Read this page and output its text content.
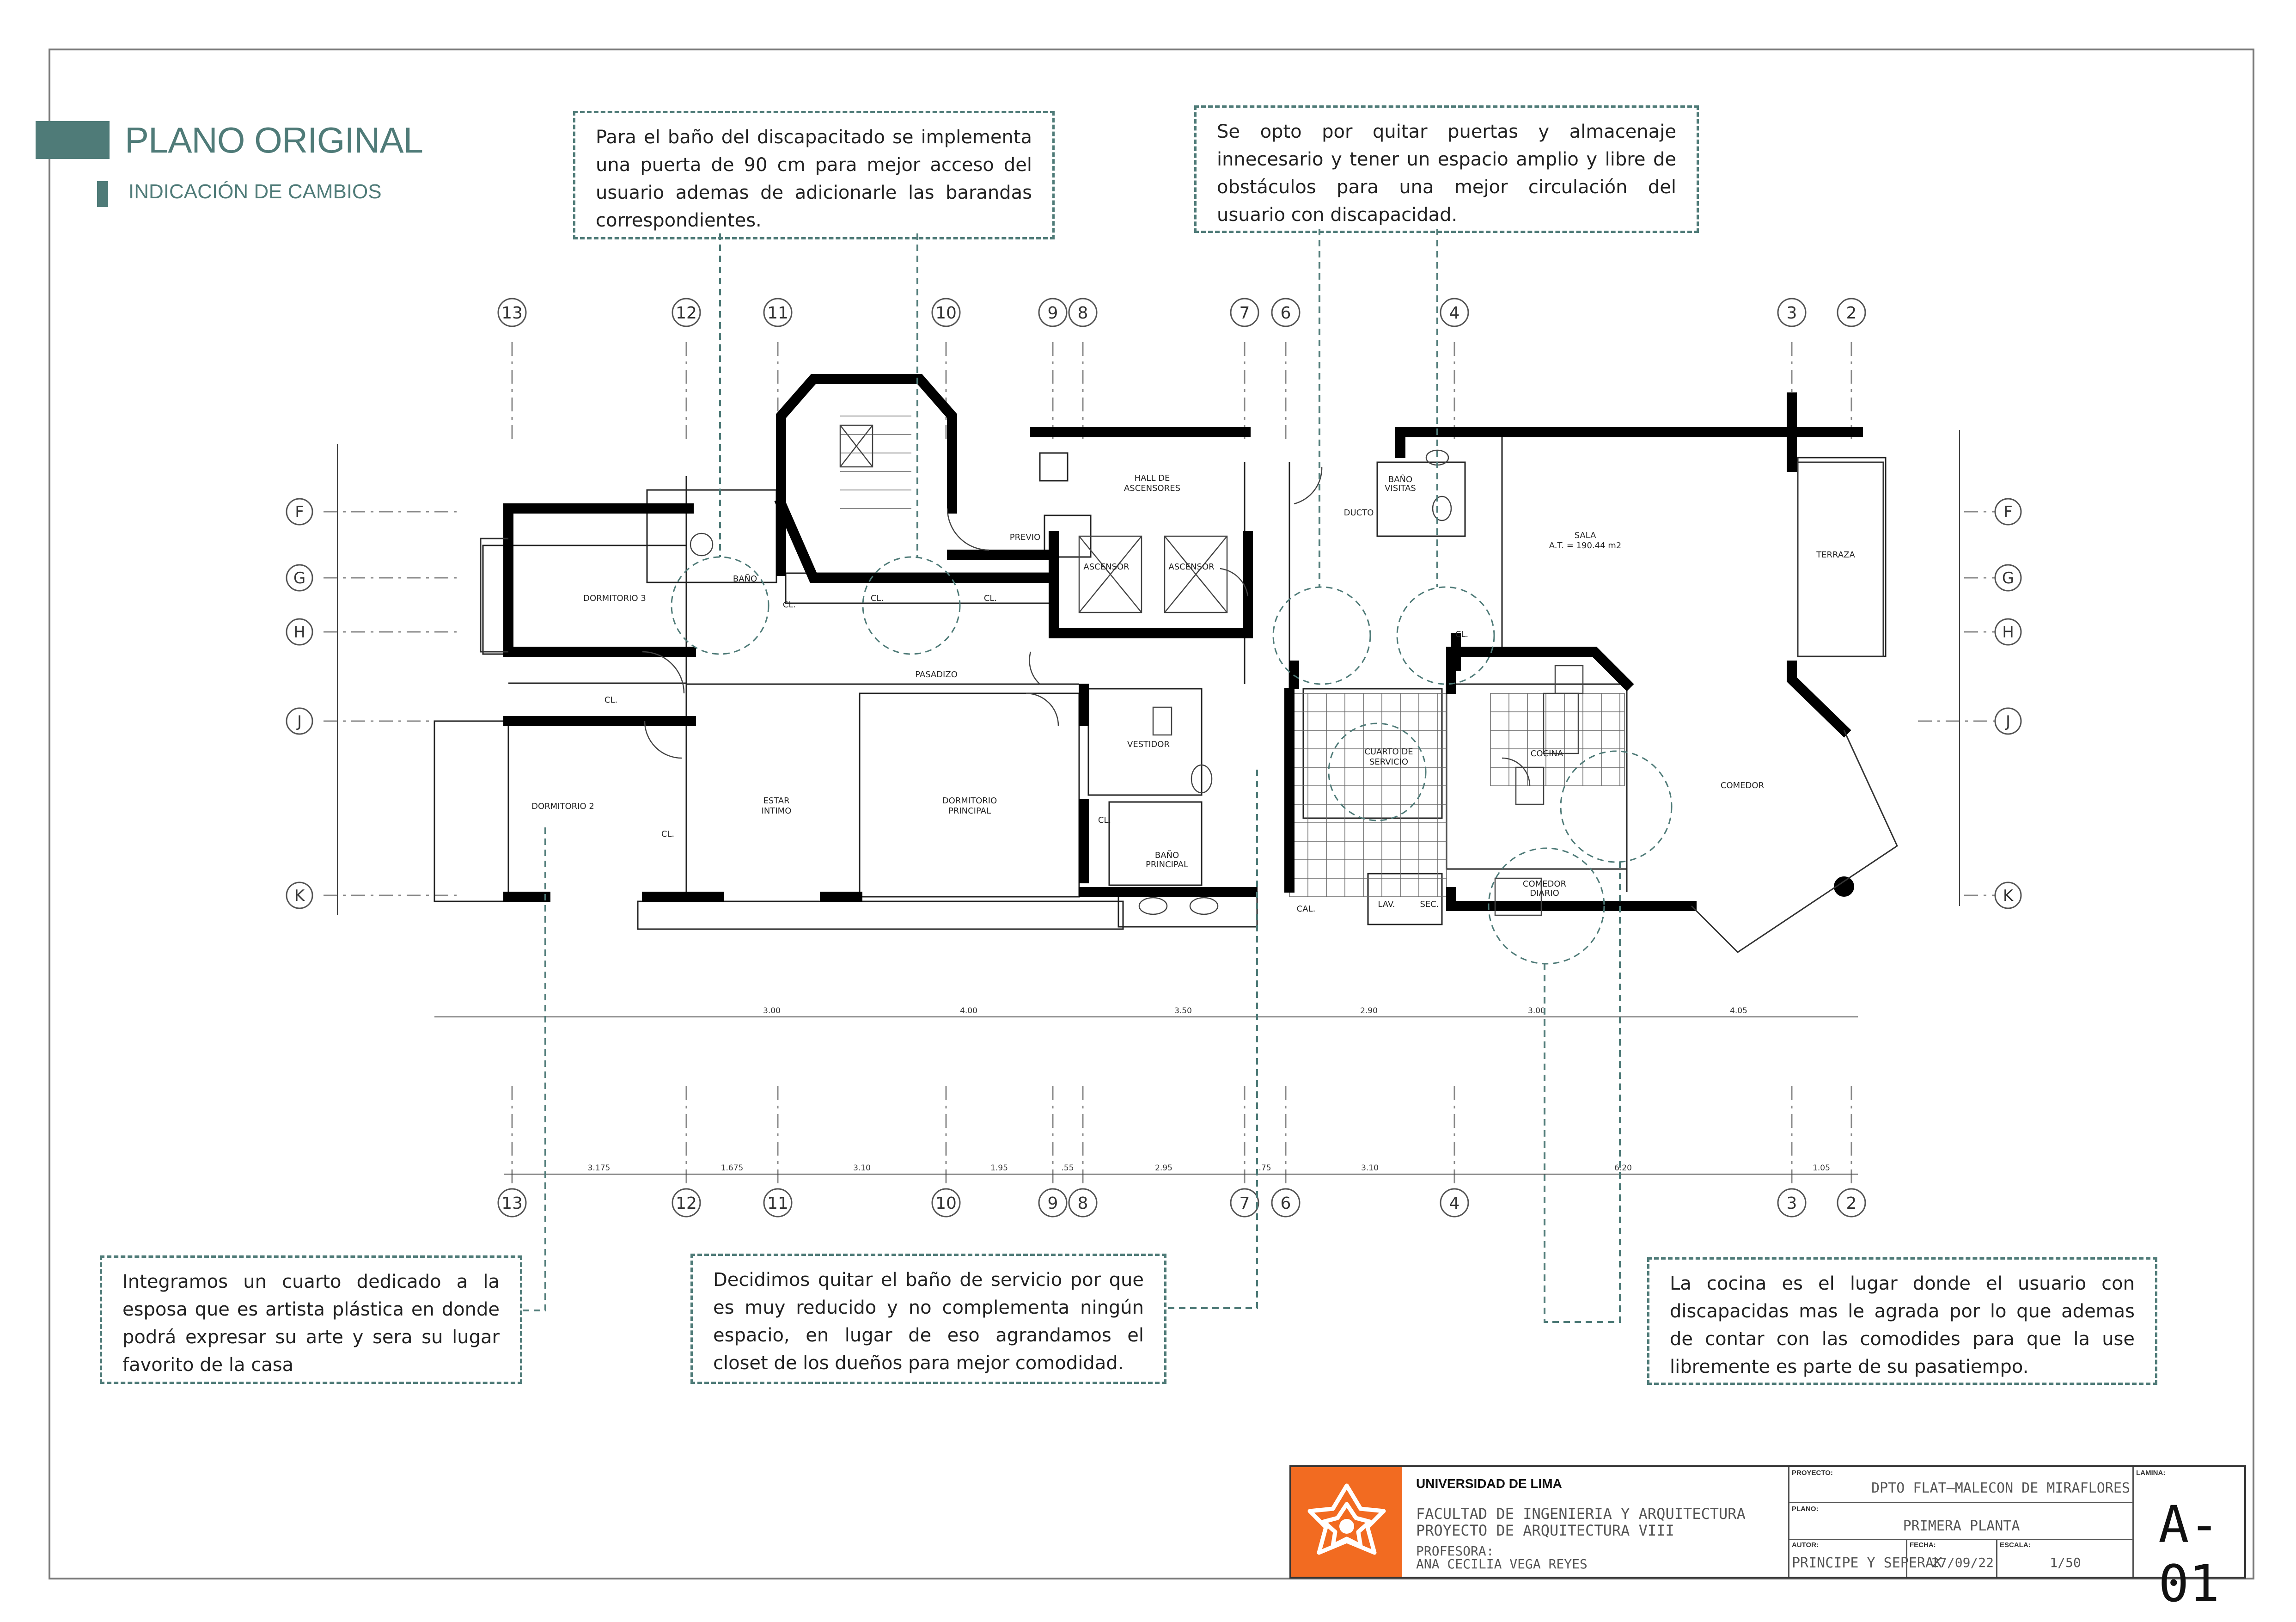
PLANO ORIGINAL
INDICACIÓN DE CAMBIOS
13	12	11	10	9 8	7 6	4	3	2
13	12	11	10	9 8	7 6	4	3	2
F
G
H
J
K
F
G
H
J
K
3.00	4.00	3.50	2.90	3.00	4.05
3.175	1.675	3.10	1.95	.55	2.95	.75	3.10	6.20	1.05
DORMITORIO 3
DORMITORIO 2
ESTAR
INTIMO
DORMITORIO
PRINCIPAL
VESTIDOR
BAÑO
PRINCIPAL
PASADIZO
HALL DE
ASCENSORES
ASCENSOR	ASCENSOR
PREVIO
BAÑO
VISITAS
SALA
A.T. = 190.44 m2
TERRAZA
COMEDOR
COCINA
CUARTO DE
SERVICIO
COMEDOR
DIARIO
CL.
CL.
CL.
CL.	CL.
CL.
CL.
LAV.	SEC.
CAL.
BAÑO
DUCTO
Para el baño del discapacitado se implementa una puerta de 90 cm para mejor acceso del usuario ademas de adicionarle las barandas correspondientes.
Se opto por quitar puertas y almacenaje innecesario y tener un espacio amplio y libre de obstáculos para una mejor circulación del usuario con discapacidad.
Integramos un cuarto dedicado a la esposa que es artista plástica en donde podrá expresar su arte y sera su lugar favorito de la casa
Decidimos quitar el baño de servicio por que es muy reducido y no complementa ningún espacio, en lugar de eso agrandamos el closet de los dueños para mejor comodidad.
La cocina es el lugar donde el usuario con discapacidas mas le agrada por lo que ademas de contar con las comodides para que la use libremente es parte de su pasatiempo.
UNIVERSIDAD DE LIMA
FACULTAD DE INGENIERIA Y ARQUITECTURA
PROYECTO DE ARQUITECTURA VIII
PROFESORA:
ANA CECILIA VEGA REYES
PROYECTO:
DPTO FLAT–MALECON DE MIRAFLORES
PLANO:
PRIMERA PLANTA
AUTOR:
PRINCIPE Y SEPERAK
FECHA:
27/09/22
ESCALA:
1/50
LAMINA:
A-01
